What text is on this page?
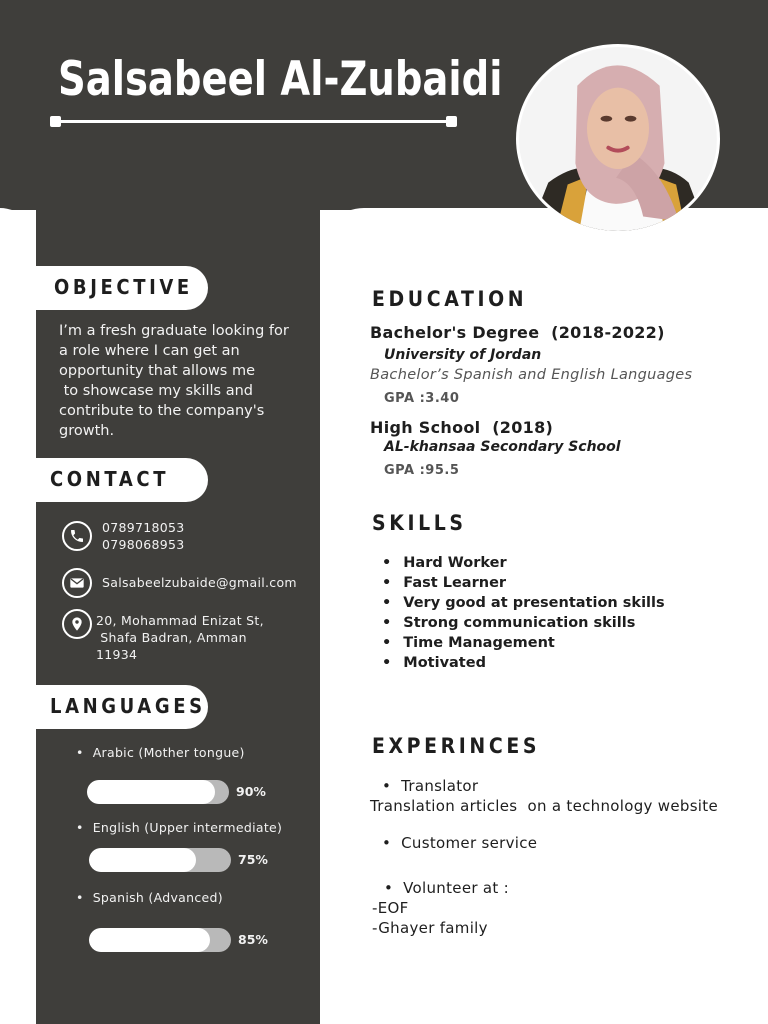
Salsabeel Al-Zubaidi
OBJECTIVE
I’m a fresh graduate looking for
a role where I can get an
opportunity that allows me
to showcase my skills and
contribute to the company's
growth.
CONTACT
0789718053
0798068953
Salsabeelzubaide@gmail.com
20, Mohammad Enizat St,
Shafa Badran, Amman
11934
LANGUAGES
• Arabic (Mother tongue)
90%
• English (Upper intermediate)
75%
• Spanish (Advanced)
85%
EDUCATION
Bachelor's Degree  (2018-2022)
University of Jordan
Bachelor’s Spanish and English Languages
GPA :3.40
High School  (2018)
AL-khansaa Secondary School
GPA :95.5
SKILLS
• Hard Worker
• Fast Learner
• Very good at presentation skills
• Strong communication skills
• Time Management
• Motivated
EXPERINCES
• Translator
Translation articles  on a technology website
• Customer service
• Volunteer at :
-EOF
-Ghayer family
